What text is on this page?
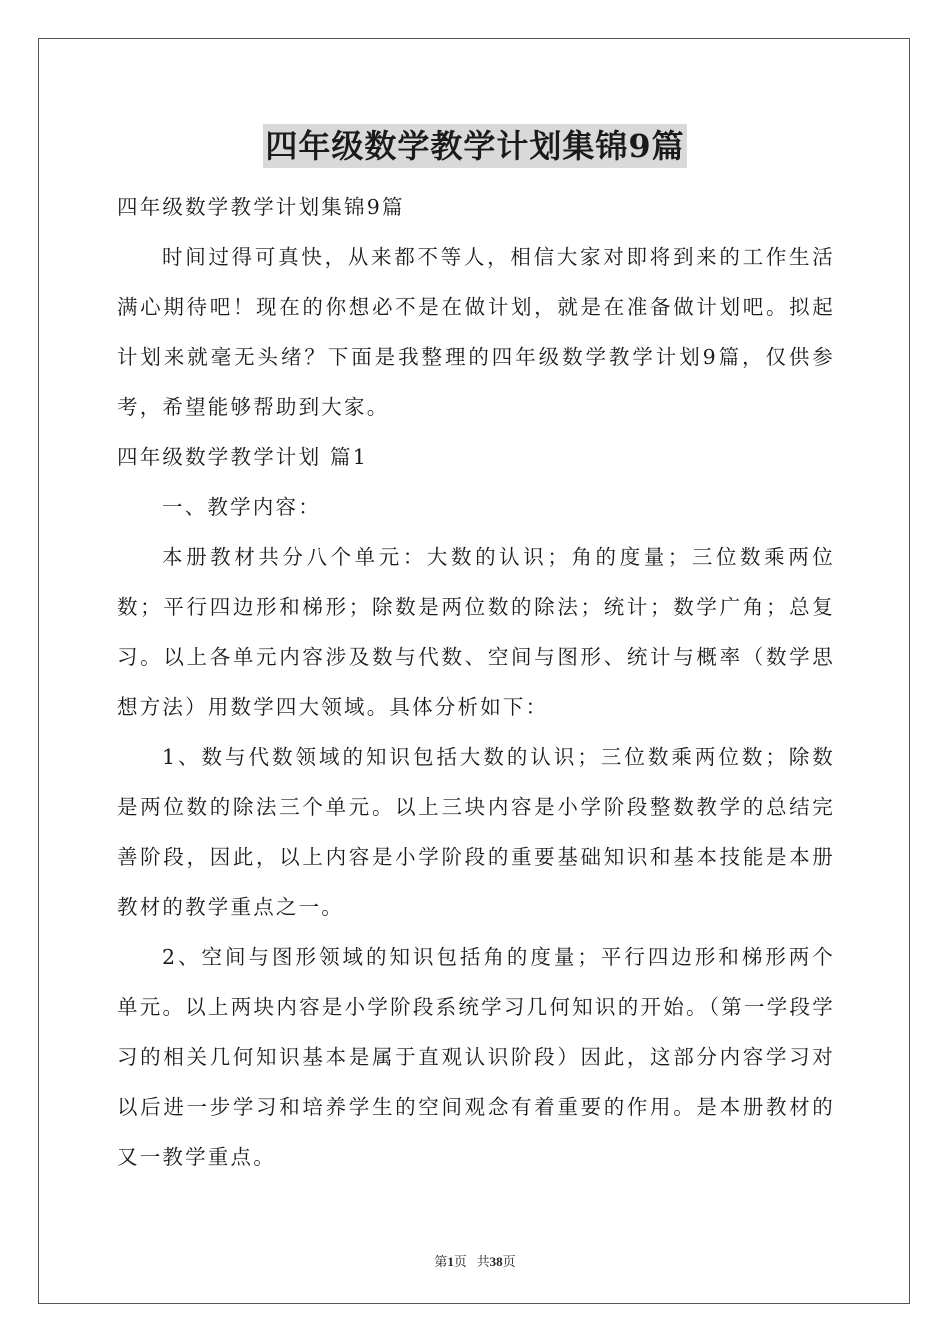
四年级数学教学计划集锦9篇

四年级数学教学计划集锦9篇

时间过得可真快，从来都不等人，相信大家对即将到来的工作生活满心期待吧！现在的你想必不是在做计划，就是在准备做计划吧。拟起计划来就毫无头绪？下面是我整理的四年级数学教学计划9篇，仅供参考，希望能够帮助到大家。

四年级数学教学计划 篇1

一、教学内容：

本册教材共分八个单元：大数的认识；角的度量；三位数乘两位数；平行四边形和梯形；除数是两位数的除法；统计；数学广角；总复习。以上各单元内容涉及数与代数、空间与图形、统计与概率（数学思想方法）用数学四大领域。具体分析如下：

1、数与代数领域的知识包括大数的认识；三位数乘两位数；除数是两位数的除法三个单元。以上三块内容是小学阶段整数教学的总结完善阶段，因此，以上内容是小学阶段的重要基础知识和基本技能是本册教材的教学重点之一。

2、空间与图形领域的知识包括角的度量；平行四边形和梯形两个单元。以上两块内容是小学阶段系统学习几何知识的开始。（第一学段学习的相关几何知识基本是属于直观认识阶段）因此，这部分内容学习对以后进一步学习和培养学生的空间观念有着重要的作用。是本册教材的又一教学重点。

第1页 共38页
